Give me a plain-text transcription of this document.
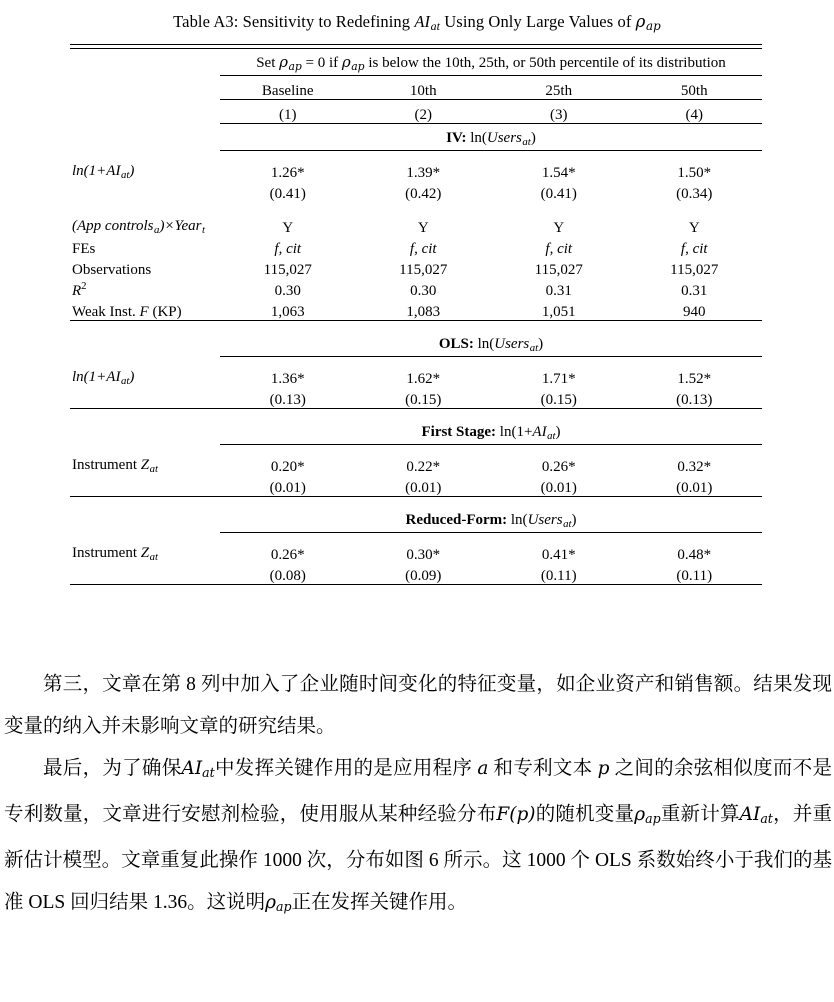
Table A3: Sensitivity to Redefining $AI_{at}$ Using Only Large Values of $\rho_{ap}$

	Set $\rho_{ap} = 0$ if $\rho_{ap}$ is below the 10th, 25th, or 50th percentile of its distribution			

	Baseline	10th	25th	50th

	(1)	(2)	(3)	(4)

	IV: ln(Users$_{at}$)			

$\ln(1+AI_{at})$	1.26*	1.39*	1.54*	1.50*
	(0.41)	(0.42)	(0.41)	(0.34)

(App controls$_a$)×Year$_t$	Y	Y	Y	Y
FEs	f, cit	f, cit	f, cit	f, cit
Observations	115,027	115,027	115,027	115,027
$R^2$	0.30	0.30	0.31	0.31
Weak Inst. F (KP)	1,063	1,083	1,051	940

	OLS: ln(Users$_{at}$)			

$\ln(1+AI_{at})$	1.36*	1.62*	1.71*	1.52*
	(0.13)	(0.15)	(0.15)	(0.13)

	First Stage: $\ln(1+AI_{at})$			

Instrument $Z_{at}$	0.20*	0.22*	0.26*	0.32*
	(0.01)	(0.01)	(0.01)	(0.01)

	Reduced-Form: ln(Users$_{at}$)			

Instrument $Z_{at}$	0.26*	0.30*	0.41*	0.48*
	(0.08)	(0.09)	(0.11)	(0.11)

第三，文章在第 8 列中加入了企业随时间变化的特征变量，如企业资产和销售额。结果发现变量的纳入并未影响文章的研究结果。

最后，为了确保$AI_{at}$中发挥关键作用的是应用程序 a 和专利文本 p 之间的余弦相似度而不是专利数量，文章进行安慰剂检验，使用服从某种经验分布F(p)的随机变量$\rho_{ap}$重新计算$AI_{at}$，并重新估计模型。文章重复此操作 1000 次，分布如图 6 所示。这 1000 个 OLS 系数始终小于我们的基准 OLS 回归结果 1.36。这说明$\rho_{ap}$正在发挥关键作用。
